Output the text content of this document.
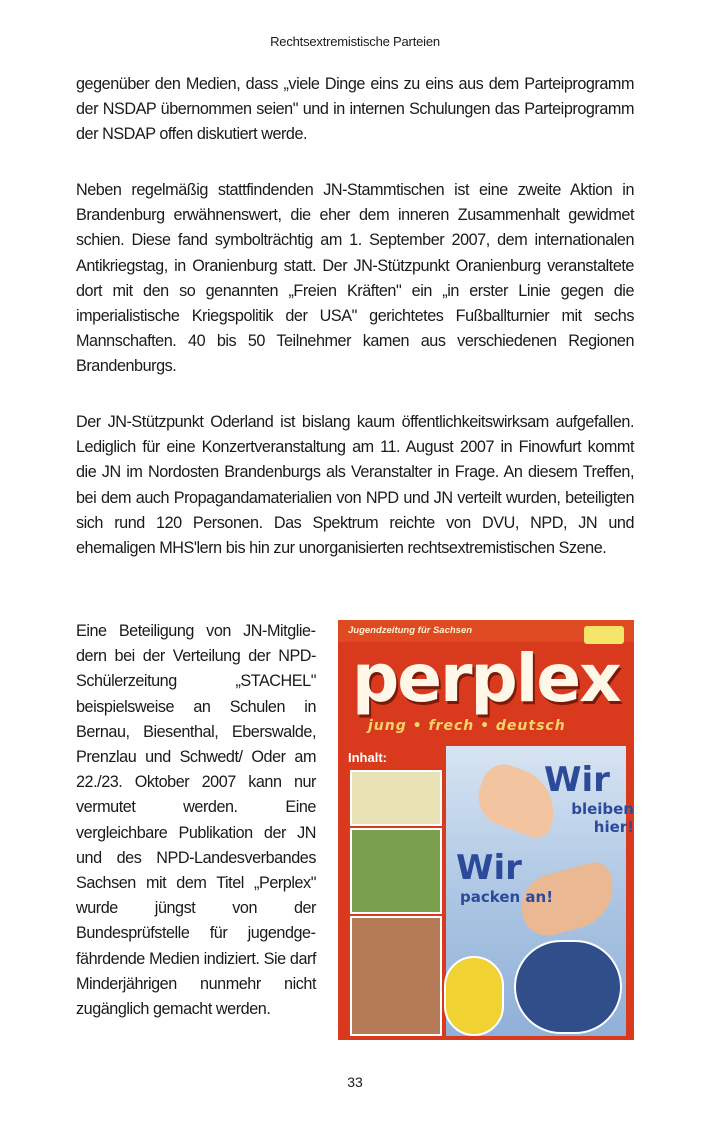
Rechtsextremistische Parteien

gegenüber den Medien, dass „viele Dinge eins zu eins aus dem Parteiprogramm der NSDAP übernommen seien" und in internen Schulungen das Parteiprogramm der NSDAP offen diskutiert werde.

Neben regelmäßig stattfindenden JN-Stammtischen ist eine zweite Aktion in Brandenburg erwähnenswert, die eher dem inneren Zusammenhalt gewidmet schien. Diese fand symbolträchtig am 1. September 2007, dem internationalen Antikriegstag, in Oranienburg statt. Der JN-Stützpunkt Oranienburg veranstaltete dort mit den so genannten „Freien Kräften" ein „in erster Linie gegen die imperialistische Kriegspolitik der USA" gerichtetes Fußballturnier mit sechs Mannschaften. 40 bis 50 Teilnehmer kamen aus verschiedenen Regionen Brandenburgs.

Der JN-Stützpunkt Oderland ist bislang kaum öffentlichkeitswirksam aufgefallen. Lediglich für eine Konzertveranstaltung am 11. August 2007 in Finowfurt kommt die JN im Nordosten Brandenburgs als Veranstalter in Frage. An diesem Treffen, bei dem auch Propagandamaterialien von NPD und JN verteilt wurden, beteiligten sich rund 120 Personen. Das Spektrum reichte von DVU, NPD, JN und ehemaligen MHS'lern bis hin zur unorganisierten rechtsextremistischen Szene.

Eine Beteiligung von JN-Mitgliedern bei der Verteilung der NPD-Schülerzeitung „STACHEL" beispielsweise an Schulen in Bernau, Biesenthal, Eberswalde, Prenzlau und Schwedt/ Oder am 22./23. Oktober 2007 kann nur vermutet werden. Eine vergleichbare Publikation der JN und des NPD-Landesverbandes Sachsen mit dem Titel „Perplex" wurde jüngst von der Bundesprüfstelle für jugendgefährdende Medien indiziert. Sie darf Minderjährigen nunmehr nicht zugänglich gemacht werden.

Jugendzeitung für Sachsen
perplex
jung • frech • deutsch
Inhalt:
Wir
bleiben hier!
Wir
packen an!
33
